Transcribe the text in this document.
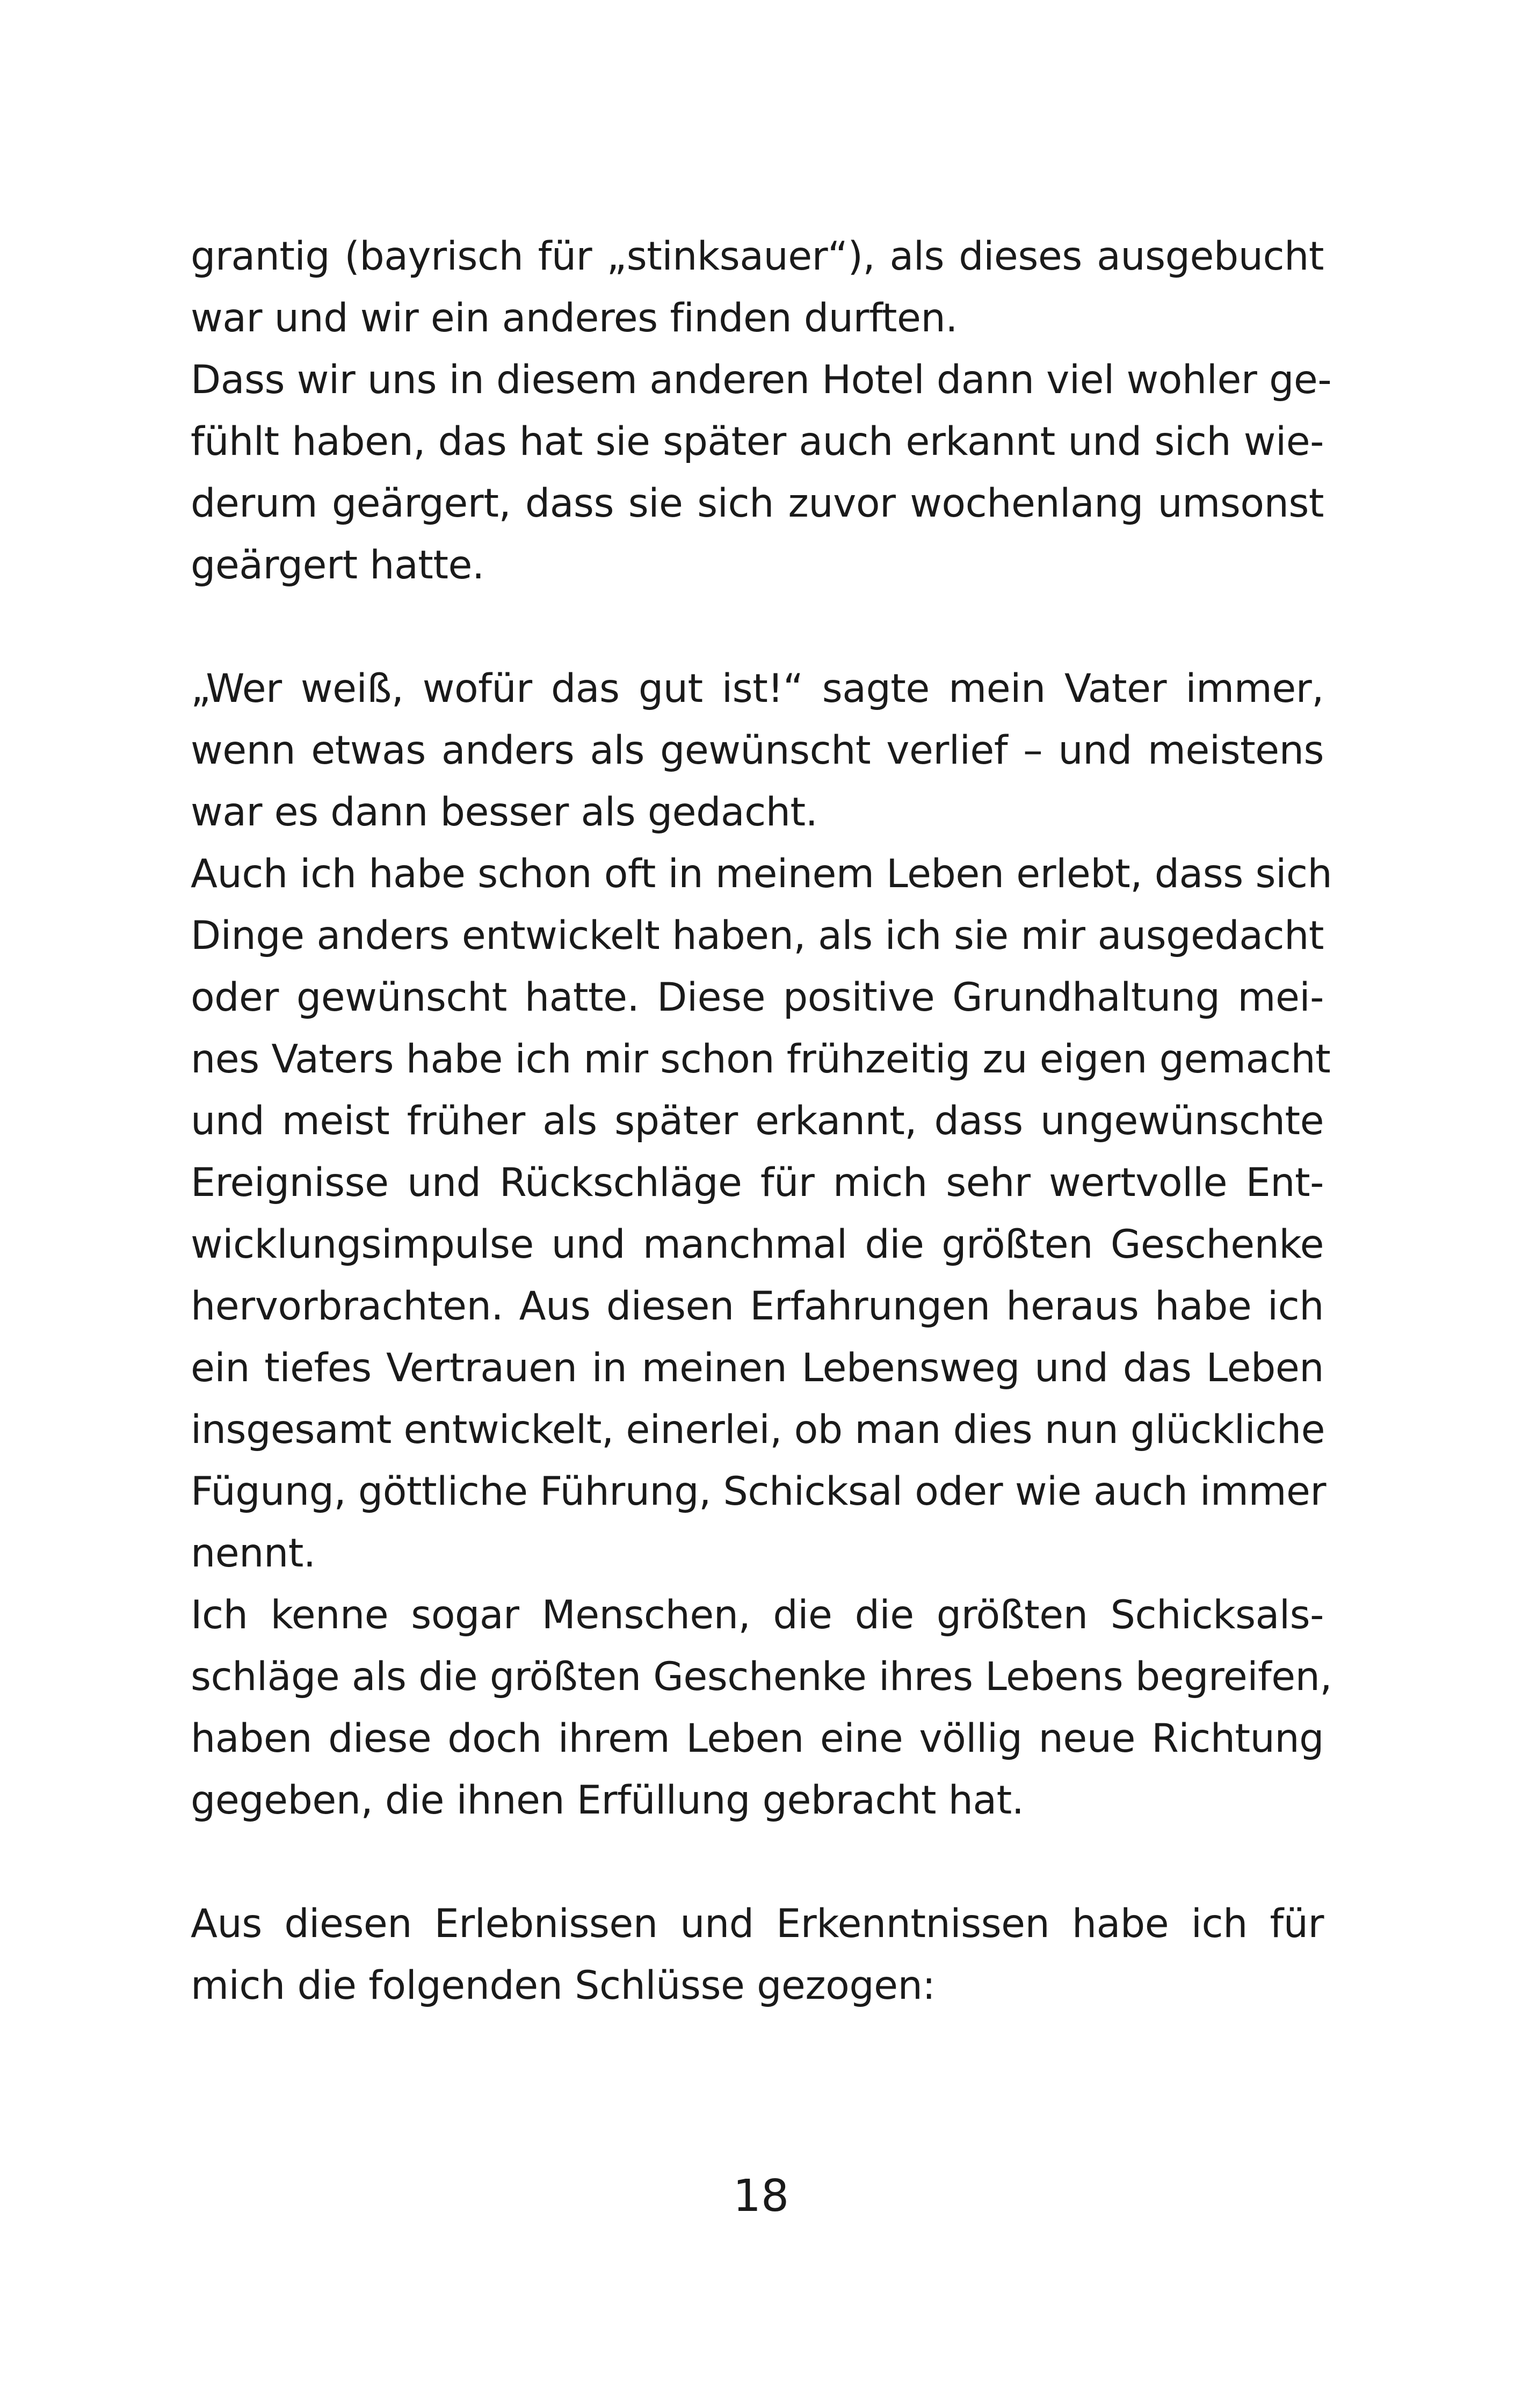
grantig (bayrisch für „stinksauer“), als dieses ausgebucht
war und wir ein anderes finden durften.
Dass wir uns in diesem anderen Hotel dann viel wohler ge-
fühlt haben, das hat sie später auch erkannt und sich wie-
derum geärgert, dass sie sich zuvor wochenlang umsonst
geärgert hatte.
„Wer weiß, wofür das gut ist!“ sagte mein Vater immer,
wenn etwas anders als gewünscht verlief – und meistens
war es dann besser als gedacht.
Auch ich habe schon oft in meinem Leben erlebt, dass sich
Dinge anders entwickelt haben, als ich sie mir ausgedacht
oder gewünscht hatte. Diese positive Grundhaltung mei-
nes Vaters habe ich mir schon frühzeitig zu eigen gemacht
und meist früher als später erkannt, dass ungewünschte
Ereignisse und Rückschläge für mich sehr wertvolle Ent-
wicklungsimpulse und manchmal die größten Geschenke
hervorbrachten. Aus diesen Erfahrungen heraus habe ich
ein tiefes Vertrauen in meinen Lebensweg und das Leben
insgesamt entwickelt, einerlei, ob man dies nun glückliche
Fügung, göttliche Führung, Schicksal oder wie auch immer
nennt.
Ich kenne sogar Menschen, die die größten Schicksals-
schläge als die größten Geschenke ihres Lebens begreifen,
haben diese doch ihrem Leben eine völlig neue Richtung
gegeben, die ihnen Erfüllung gebracht hat.
Aus diesen Erlebnissen und Erkenntnissen habe ich für
mich die folgenden Schlüsse gezogen:
18
